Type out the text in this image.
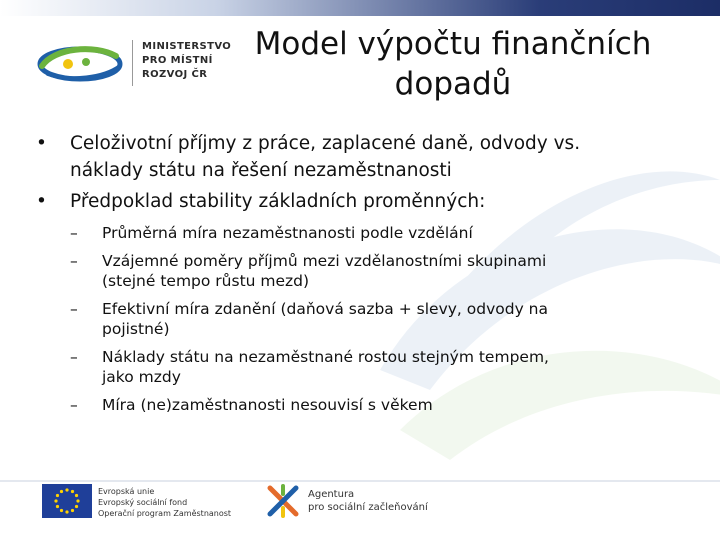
MINISTERSTVO
PRO MÍSTNÍ
ROZVOJ ČR
Model výpočtu finančních
dopadů
• Celoživotní příjmy z práce, zaplacené daně, odvody vs.
náklady státu na řešení nezaměstnanosti
• Předpoklad stability základních proměnných:
– Průměrná míra nezaměstnanosti podle vzdělání
– Vzájemné poměry příjmů mezi vzdělanostními skupinami
(stejné tempo růstu mezd)
– Efektivní míra zdanění (daňová sazba + slevy, odvody na
pojistné)
– Náklady státu na nezaměstnané rostou stejným tempem,
jako mzdy
– Míra (ne)zaměstnanosti nesouvisí s věkem
Evropská unie
Evropský sociální fond
Operační program Zaměstnanost
Agentura
pro sociální začleňování
